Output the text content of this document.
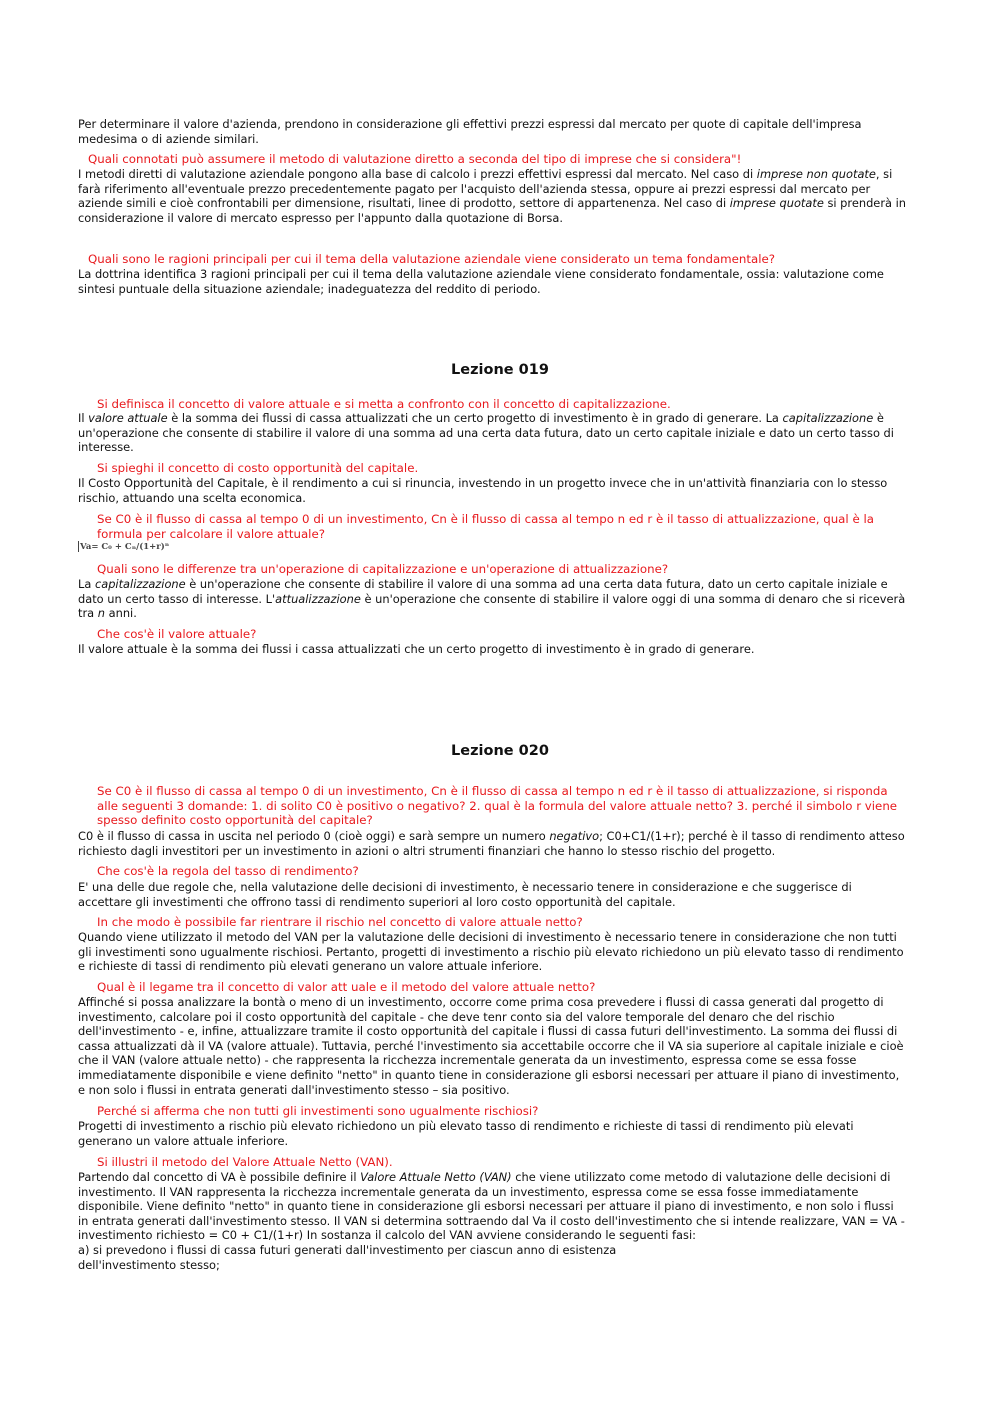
Per determinare il valore d'azienda, prendono in considerazione gli effettivi prezzi espressi dal mercato per quote di capitale dell'impresa medesima o di aziende similari.

Quali connotati può assumere il metodo di valutazione diretto a seconda del tipo di imprese che si considera"!

I metodi diretti di valutazione aziendale pongono alla base di calcolo i prezzi effettivi espressi dal mercato. Nel caso di imprese non quotate, si farà riferimento all'eventuale prezzo precedentemente pagato per l'acquisto dell'azienda stessa, oppure ai prezzi espressi dal mercato per aziende simili e cioè confrontabili per dimensione, risultati, linee di prodotto, settore di appartenenza. Nel caso di imprese quotate si prenderà in considerazione il valore di mercato espresso per l'appunto dalla quotazione di Borsa.

Quali sono le ragioni principali per cui il tema della valutazione aziendale viene considerato un tema fondamentale?

La dottrina identifica 3 ragioni principali per cui il tema della valutazione aziendale viene considerato fondamentale, ossia: valutazione come sintesi puntuale della situazione aziendale; inadeguatezza del reddito di periodo.

Lezione 019

Si definisca il concetto di valore attuale e si metta a confronto con il concetto di capitalizzazione.

Il valore attuale è la somma dei flussi di cassa attualizzati che un certo progetto di investimento è in grado di generare. La capitalizzazione è un'operazione che consente di stabilire il valore di una somma ad una certa data futura, dato un certo capitale iniziale e dato un certo tasso di interesse.

Si spieghi il concetto di costo opportunità del capitale.

Il Costo Opportunità del Capitale, è il rendimento a cui si rinuncia, investendo in un progetto invece che in un'attività finanziaria con lo stesso rischio, attuando una scelta economica.

Se C0 è il flusso di cassa al tempo 0 di un investimento, Cn è il flusso di cassa al tempo n ed r è il tasso di attualizzazione, qual è la formula per calcolare il valore attuale?

Va= C₀ + Cₙ/(1+r)ⁿ

Quali sono le differenze tra un'operazione di capitalizzazione e un'operazione di attualizzazione?

La capitalizzazione è un'operazione che consente di stabilire il valore di una somma ad una certa data futura, dato un certo capitale iniziale e dato un certo tasso di interesse. L'attualizzazione è un'operazione che consente di stabilire il valore oggi di una somma di denaro che si riceverà tra n anni.

Che cos'è il valore attuale?

Il valore attuale è la somma dei flussi i cassa attualizzati che un certo progetto di investimento è in grado di generare.

Lezione 020

Se C0 è il flusso di cassa al tempo 0 di un investimento, Cn è il flusso di cassa al tempo n ed r è il tasso di attualizzazione, si risponda alle seguenti 3 domande: 1. di solito C0 è positivo o negativo? 2. qual è la formula del valore attuale netto? 3. perché il simbolo r viene spesso definito costo opportunità del capitale?

C0 è il flusso di cassa in uscita nel periodo 0 (cioè oggi) e sarà sempre un numero negativo; C0+C1/(1+r); perché è il tasso di rendimento atteso richiesto dagli investitori per un investimento in azioni o altri strumenti finanziari che hanno lo stesso rischio del progetto.

Che cos'è la regola del tasso di rendimento?

E' una delle due regole che, nella valutazione delle decisioni di investimento, è necessario tenere in considerazione e che suggerisce di accettare gli investimenti che offrono tassi di rendimento superiori al loro costo opportunità del capitale.

In che modo è possibile far rientrare il rischio nel concetto di valore attuale netto?

Quando viene utilizzato il metodo del VAN per la valutazione delle decisioni di investimento è necessario tenere in considerazione che non tutti gli investimenti sono ugualmente rischiosi. Pertanto, progetti di investimento a rischio più elevato richiedono un più elevato tasso di rendimento e richieste di tassi di rendimento più elevati generano un valore attuale inferiore.

Qual è il legame tra il concetto di valor att uale e il metodo del valore attuale netto?

Affinché si possa analizzare la bontà o meno di un investimento, occorre come prima cosa prevedere i flussi di cassa generati dal progetto di investimento, calcolare poi il costo opportunità del capitale - che deve tenr conto sia del valore temporale del denaro che del rischio dell'investimento - e, infine, attualizzare tramite il costo opportunità del capitale i flussi di cassa futuri dell'investimento. La somma dei flussi di cassa attualizzati dà il VA (valore attuale). Tuttavia, perché l'investimento sia accettabile occorre che il VA sia superiore al capitale iniziale e cioè che il VAN (valore attuale netto) - che rappresenta la ricchezza incrementale generata da un investimento, espressa come se essa fosse immediatamente disponibile e viene definito "netto" in quanto tiene in considerazione gli esborsi necessari per attuare il piano di investimento, e non solo i flussi in entrata generati dall'investimento stesso – sia positivo.

Perché si afferma che non tutti gli investimenti sono ugualmente rischiosi?

Progetti di investimento a rischio più elevato richiedono un più elevato tasso di rendimento e richieste di tassi di rendimento più elevati generano un valore attuale inferiore.

Si illustri il metodo del Valore Attuale Netto (VAN).

Partendo dal concetto di VA è possibile definire il Valore Attuale Netto (VAN) che viene utilizzato come metodo di valutazione delle decisioni di investimento. Il VAN rappresenta la ricchezza incrementale generata da un investimento, espressa come se essa fosse immediatamente disponibile. Viene definito "netto" in quanto tiene in considerazione gli esborsi necessari per attuare il piano di investimento, e non solo i flussi in entrata generati dall'investimento stesso. Il VAN si determina sottraendo dal Va il costo dell'investimento che si intende realizzare, VAN = VA - investimento richiesto = C0 + C1/(1+r) In sostanza il calcolo del VAN avviene considerando le seguenti fasi:
a) si prevedono i flussi di cassa futuri generati dall'investimento per ciascun anno di esistenza
dell'investimento stesso;
